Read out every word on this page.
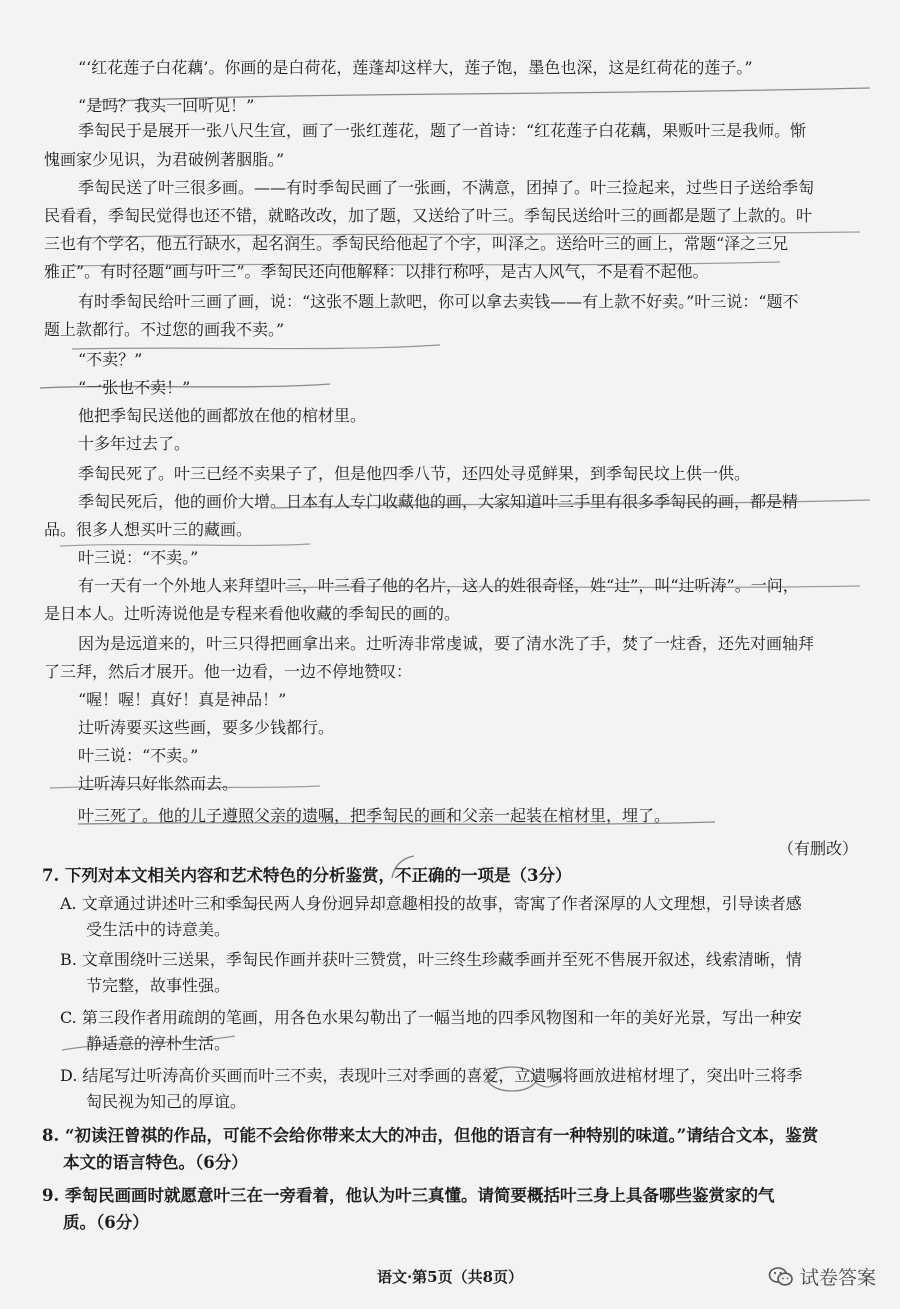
“‘红花莲子白花藕’。你画的是白荷花，莲蓬却这样大，莲子饱，墨色也深，这是红荷花的莲子。”
“是吗？我头一回听见！”
季匋民于是展开一张八尺生宣，画了一张红莲花，题了一首诗：“红花莲子白花藕，果贩叶三是我师。惭
愧画家少见识，为君破例著胭脂。”
季匋民送了叶三很多画。——有时季匋民画了一张画，不满意，团掉了。叶三捡起来，过些日子送给季匋
民看看，季匋民觉得也还不错，就略改改，加了题，又送给了叶三。季匋民送给叶三的画都是题了上款的。叶
三也有个学名，他五行缺水，起名润生。季匋民给他起了个字，叫泽之。送给叶三的画上，常题“泽之三兄
雅正”。有时径题“画与叶三”。季匋民还向他解释：以排行称呼，是古人风气，不是看不起他。
有时季匋民给叶三画了画，说：“这张不题上款吧，你可以拿去卖钱——有上款不好卖。”叶三说：“题不
题上款都行。不过您的画我不卖。”
“不卖？”
“一张也不卖！”
他把季匋民送他的画都放在他的棺材里。
十多年过去了。
季匋民死了。叶三已经不卖果子了，但是他四季八节，还四处寻觅鲜果，到季匋民坟上供一供。
季匋民死后，他的画价大增。日本有人专门收藏他的画，大家知道叶三手里有很多季匋民的画，都是精
品。很多人想买叶三的藏画。
叶三说：“不卖。”
有一天有一个外地人来拜望叶三，叶三看了他的名片，这人的姓很奇怪，姓“辻”，叫“辻听涛”。一问，
是日本人。辻听涛说他是专程来看他收藏的季匋民的画的。
因为是远道来的，叶三只得把画拿出来。辻听涛非常虔诚，要了清水洗了手，焚了一炷香，还先对画轴拜
了三拜，然后才展开。他一边看，一边不停地赞叹：
“喔！喔！真好！真是神品！”
辻听涛要买这些画，要多少钱都行。
叶三说：“不卖。”
辻听涛只好怅然而去。
叶三死了。他的儿子遵照父亲的遗嘱，把季匋民的画和父亲一起装在棺材里，埋了。
（有删改）
7. 下列对本文相关内容和艺术特色的分析鉴赏，不正确的一项是（3分）
A. 文章通过讲述叶三和季匋民两人身份迥异却意趣相投的故事，寄寓了作者深厚的人文理想，引导读者感
受生活中的诗意美。
B. 文章围绕叶三送果，季匋民作画并获叶三赞赏，叶三终生珍藏季画并至死不售展开叙述，线索清晰，情
节完整，故事性强。
C. 第三段作者用疏朗的笔画，用各色水果勾勒出了一幅当地的四季风物图和一年的美好光景，写出一种安
静适意的淳朴生活。
D. 结尾写辻听涛高价买画而叶三不卖，表现叶三对季画的喜爱，立遗嘱将画放进棺材埋了，突出叶三将季
匋民视为知己的厚谊。
8. “初读汪曾祺的作品，可能不会给你带来太大的冲击，但他的语言有一种特别的味道。”请结合文本，鉴赏
本文的语言特色。（6分）
9. 季匋民画画时就愿意叶三在一旁看着，他认为叶三真懂。请简要概括叶三身上具备哪些鉴赏家的气
质。（6分）
语文·第5页（共8页）	试卷答案
